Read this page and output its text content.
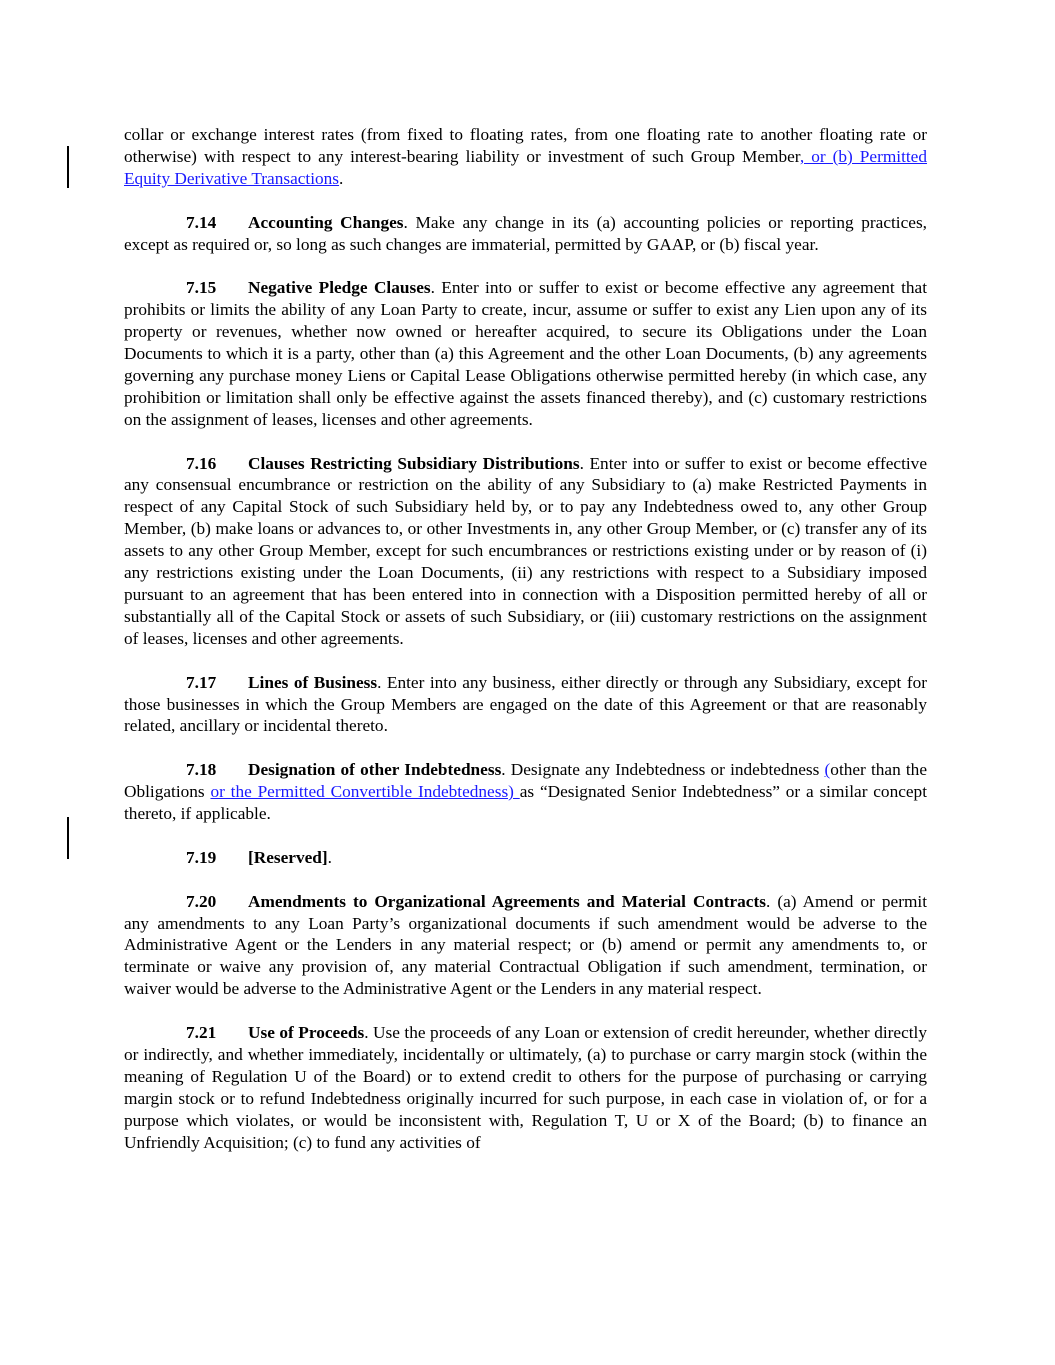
collar or exchange interest rates (from fixed to floating rates, from one floating rate to another floating rate or otherwise) with respect to any interest-bearing liability or investment of such Group Member, or (b) Permitted Equity Derivative Transactions.

7.14 Accounting Changes. Make any change in its (a) accounting policies or reporting practices, except as required or, so long as such changes are immaterial, permitted by GAAP, or (b) fiscal year.

7.15 Negative Pledge Clauses. Enter into or suffer to exist or become effective any agreement that prohibits or limits the ability of any Loan Party to create, incur, assume or suffer to exist any Lien upon any of its property or revenues, whether now owned or hereafter acquired, to secure its Obligations under the Loan Documents to which it is a party, other than (a) this Agreement and the other Loan Documents, (b) any agreements governing any purchase money Liens or Capital Lease Obligations otherwise permitted hereby (in which case, any prohibition or limitation shall only be effective against the assets financed thereby), and (c) customary restrictions on the assignment of leases, licenses and other agreements.

7.16 Clauses Restricting Subsidiary Distributions. Enter into or suffer to exist or become effective any consensual encumbrance or restriction on the ability of any Subsidiary to (a) make Restricted Payments in respect of any Capital Stock of such Subsidiary held by, or to pay any Indebtedness owed to, any other Group Member, (b) make loans or advances to, or other Investments in, any other Group Member, or (c) transfer any of its assets to any other Group Member, except for such encumbrances or restrictions existing under or by reason of (i) any restrictions existing under the Loan Documents, (ii) any restrictions with respect to a Subsidiary imposed pursuant to an agreement that has been entered into in connection with a Disposition permitted hereby of all or substantially all of the Capital Stock or assets of such Subsidiary, or (iii) customary restrictions on the assignment of leases, licenses and other agreements.

7.17 Lines of Business. Enter into any business, either directly or through any Subsidiary, except for those businesses in which the Group Members are engaged on the date of this Agreement or that are reasonably related, ancillary or incidental thereto.

7.18 Designation of other Indebtedness. Designate any Indebtedness or indebtedness (other than the Obligations or the Permitted Convertible Indebtedness) as “Designated Senior Indebtedness” or a similar concept thereto, if applicable.

7.19 [Reserved].

7.20 Amendments to Organizational Agreements and Material Contracts. (a) Amend or permit any amendments to any Loan Party’s organizational documents if such amendment would be adverse to the Administrative Agent or the Lenders in any material respect; or (b) amend or permit any amendments to, or terminate or waive any provision of, any material Contractual Obligation if such amendment, termination, or waiver would be adverse to the Administrative Agent or the Lenders in any material respect.

7.21 Use of Proceeds. Use the proceeds of any Loan or extension of credit hereunder, whether directly or indirectly, and whether immediately, incidentally or ultimately, (a) to purchase or carry margin stock (within the meaning of Regulation U of the Board) or to extend credit to others for the purpose of purchasing or carrying margin stock or to refund Indebtedness originally incurred for such purpose, in each case in violation of, or for a purpose which violates, or would be inconsistent with, Regulation T, U or X of the Board; (b) to finance an Unfriendly Acquisition; (c) to fund any activities of
